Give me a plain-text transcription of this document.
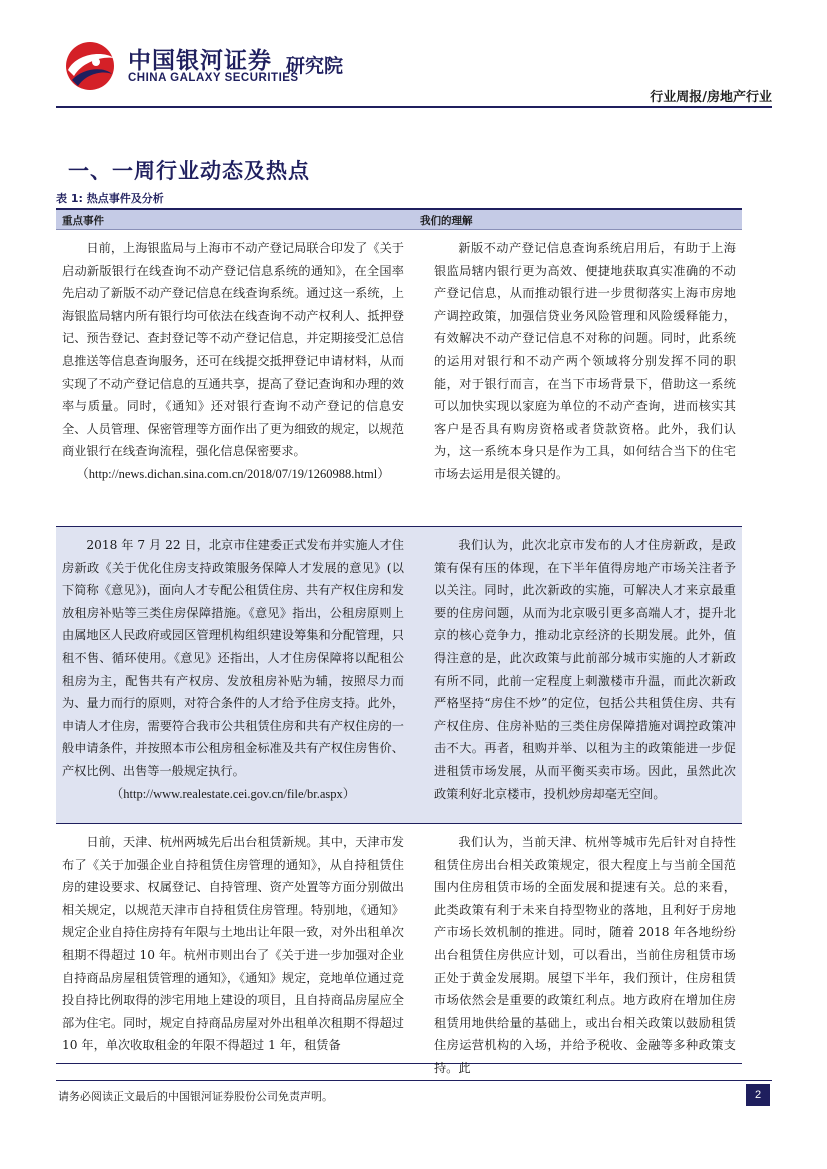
中国银河证券
CHINA GALAXY SECURITIES
研究院
行业周报/房地产行业
一、一周行业动态及热点
表 1: 热点事件及分析
重点事件	我们的理解

日前，上海银监局与上海市不动产登记局联合印发了《关于启动新版银行在线查询不动产登记信息系统的通知》，在全国率先启动了新版不动产登记信息在线查询系统。通过这一系统，上海银监局辖内所有银行均可依法在线查询不动产权利人、抵押登记、预告登记、查封登记等不动产登记信息，并定期接受汇总信息推送等信息查询服务，还可在线提交抵押登记申请材料，从而实现了不动产登记信息的互通共享，提高了登记查询和办理的效率与质量。同时，《通知》还对银行查询不动产登记的信息安全、人员管理、保密管理等方面作出了更为细致的规定，以规范商业银行在线查询流程，强化信息保密要求。

（http://news.dichan.sina.com.cn/2018/07/19/1260988.html）

新版不动产登记信息查询系统启用后，有助于上海银监局辖内银行更为高效、便捷地获取真实准确的不动产登记信息，从而推动银行进一步贯彻落实上海市房地产调控政策，加强信贷业务风险管理和风险缓释能力，有效解决不动产登记信息不对称的问题。同时，此系统的运用对银行和不动产两个领域将分别发挥不同的职能，对于银行而言，在当下市场背景下，借助这一系统可以加快实现以家庭为单位的不动产查询，进而核实其客户是否具有购房资格或者贷款资格。此外，我们认为，这一系统本身只是作为工具，如何结合当下的住宅市场去运用是很关键的。

2018 年 7 月 22 日，北京市住建委正式发布并实施人才住房新政《关于优化住房支持政策服务保障人才发展的意见》(以下简称《意见》)，面向人才专配公租赁住房、共有产权住房和发放租房补贴等三类住房保障措施。《意见》指出，公租房原则上由属地区人民政府或园区管理机构组织建设筹集和分配管理，只租不售、循环使用。《意见》还指出，人才住房保障将以配租公租房为主，配售共有产权房、发放租房补贴为辅，按照尽力而为、量力而行的原则，对符合条件的人才给予住房支持。此外，申请人才住房，需要符合我市公共租赁住房和共有产权住房的一般申请条件，并按照本市公租房租金标准及共有产权住房售价、产权比例、出售等一般规定执行。

（http://www.realestate.cei.gov.cn/file/br.aspx）

我们认为，此次北京市发布的人才住房新政，是政策有保有压的体现，在下半年值得房地产市场关注者予以关注。同时，此次新政的实施，可解决人才来京最重要的住房问题，从而为北京吸引更多高端人才，提升北京的核心竞争力，推动北京经济的长期发展。此外，值得注意的是，此次政策与此前部分城市实施的人才新政有所不同，此前一定程度上刺激楼市升温，而此次新政严格坚持“房住不炒”的定位，包括公共租赁住房、共有产权住房、住房补贴的三类住房保障措施对调控政策冲击不大。再者，租购并举、以租为主的政策能进一步促进租赁市场发展，从而平衡买卖市场。因此，虽然此次政策利好北京楼市，投机炒房却毫无空间。

日前，天津、杭州两城先后出台租赁新规。其中，天津市发布了《关于加强企业自持租赁住房管理的通知》，从自持租赁住房的建设要求、权属登记、自持管理、资产处置等方面分别做出相关规定，以规范天津市自持租赁住房管理。特别地，《通知》规定企业自持住房持有年限与土地出让年限一致，对外出租单次租期不得超过 10 年。杭州市则出台了《关于进一步加强对企业自持商品房屋租赁管理的通知》，《通知》规定，竞地单位通过竞投自持比例取得的涉宅用地上建设的项目，且自持商品房屋应全部为住宅。同时，规定自持商品房屋对外出租单次租期不得超过 10 年，单次收取租金的年限不得超过 1 年，租赁备

我们认为，当前天津、杭州等城市先后针对自持性租赁住房出台相关政策规定，很大程度上与当前全国范围内住房租赁市场的全面发展和提速有关。总的来看，此类政策有利于未来自持型物业的落地，且利好于房地产市场长效机制的推进。同时，随着 2018 年各地纷纷出台租赁住房供应计划，可以看出，当前住房租赁市场正处于黄金发展期。展望下半年，我们预计，住房租赁市场依然会是重要的政策红利点。地方政府在增加住房租赁用地供给量的基础上，或出台相关政策以鼓励租赁住房运营机构的入场，并给予税收、金融等多种政策支持。此

请务必阅读正文最后的中国银河证券股份公司免责声明。	2
